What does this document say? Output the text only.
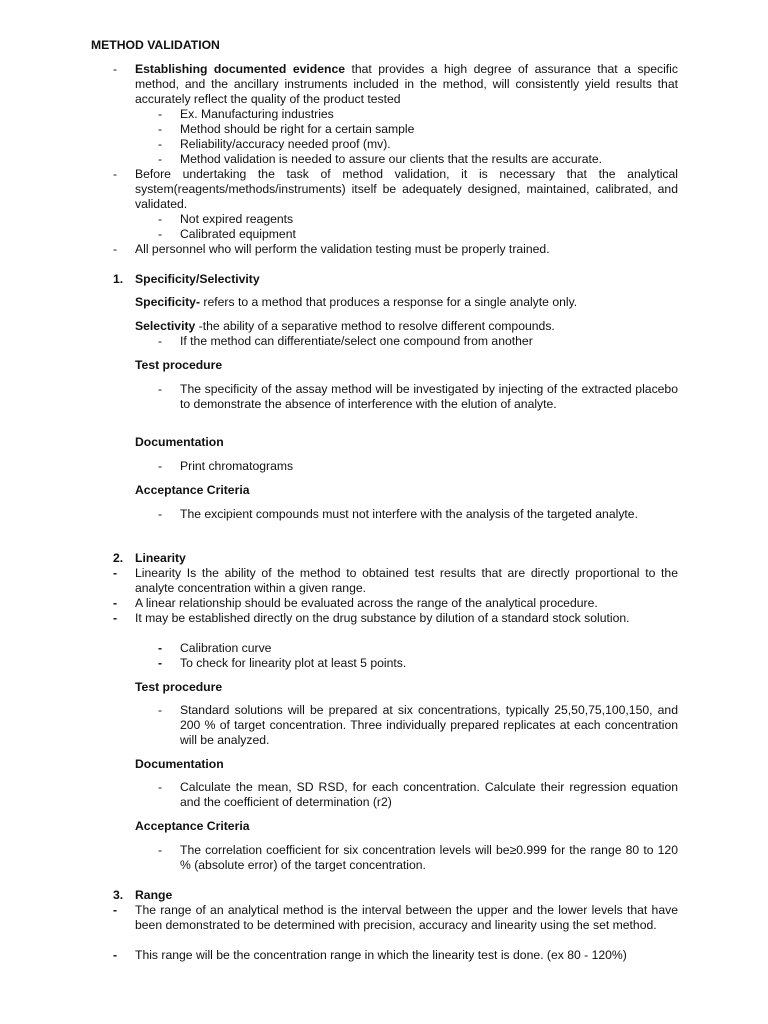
METHOD VALIDATION
-	Establishing documented evidence that provides a high degree of assurance that a specific method, and the ancillary instruments included in the method, will consistently yield results that accurately reflect the quality of the product tested
-	Ex. Manufacturing industries
-	Method should be right for a certain sample
-	Reliability/accuracy needed proof (mv).
-	Method validation is needed to assure our clients that the results are accurate.
-	Before undertaking the task of method validation, it is necessary that the analytical system(reagents/methods/instruments) itself be adequately designed, maintained, calibrated, and validated.
-	Not expired reagents
-	Calibrated equipment
-	All personnel who will perform the validation testing must be properly trained.
1. Specificity/Selectivity
Specificity- refers to a method that produces a response for a single analyte only.
Selectivity -the ability of a separative method to resolve different compounds.
-	If the method can differentiate/select one compound from another
Test procedure
-	The specificity of the assay method will be investigated by injecting of the extracted placebo to demonstrate the absence of interference with the elution of analyte.
Documentation
-	Print chromatograms
Acceptance Criteria
-	The excipient compounds must not interfere with the analysis of the targeted analyte.
2. Linearity
-	Linearity Is the ability of the method to obtained test results that are directly proportional to the analyte concentration within a given range.
-	A linear relationship should be evaluated across the range of the analytical procedure.
-	It may be established directly on the drug substance by dilution of a standard stock solution.
-	Calibration curve
-	To check for linearity plot at least 5 points.
Test procedure
-	Standard solutions will be prepared at six concentrations, typically 25,50,75,100,150, and 200 % of target concentration. Three individually prepared replicates at each concentration will be analyzed.
Documentation
-	Calculate the mean, SD RSD, for each concentration. Calculate their regression equation and the coefficient of determination (r2)
Acceptance Criteria
-	The correlation coefficient for six concentration levels will be≥0.999 for the range 80 to 120 % (absolute error) of the target concentration.
3. Range
-	The range of an analytical method is the interval between the upper and the lower levels that have been demonstrated to be determined with precision, accuracy and linearity using the set method.
-	This range will be the concentration range in which the linearity test is done. (ex 80 - 120%)
